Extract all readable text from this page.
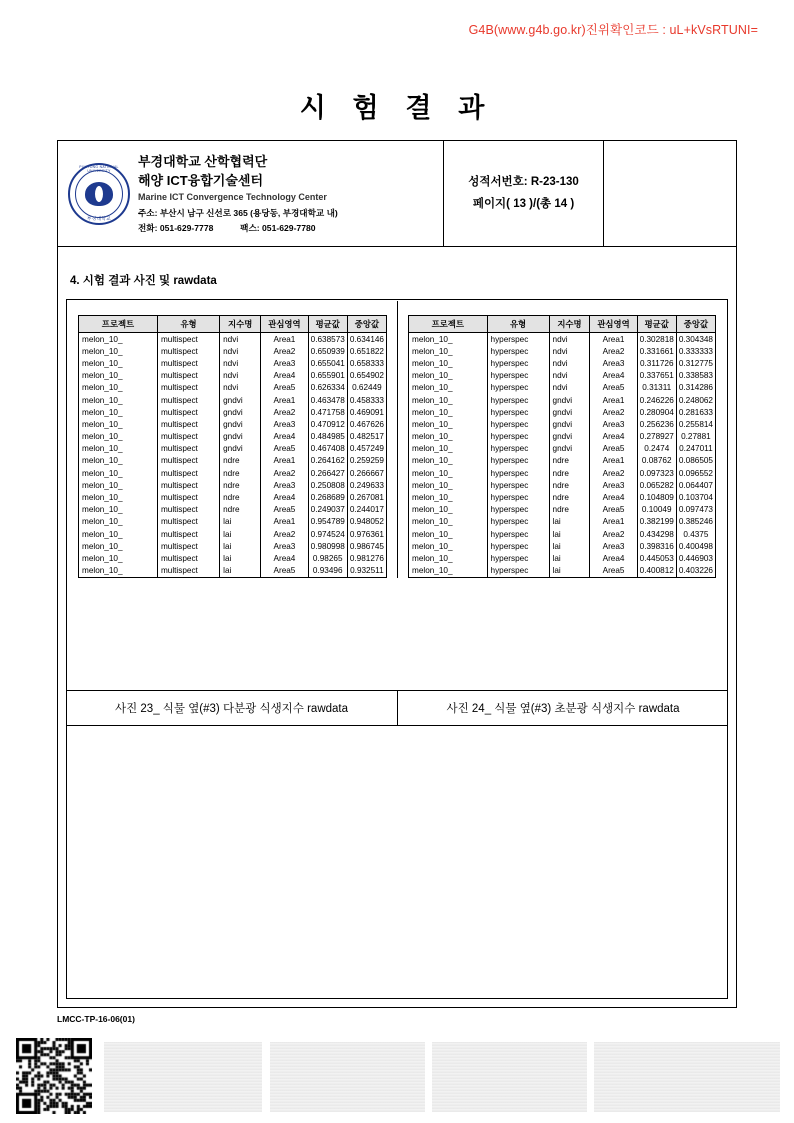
G4B(www.g4b.go.kr)진위확인코드 : uL+kVsRTUNI=
시 험 결 과
PUKYONG NATIONAL UNIVERSITY
부경대학교
부경대학교 산학협력단
해양 ICT융합기술센터
Marine ICT Convergence Technology Center
주소: 부산시 남구 신선로 365 (용당동, 부경대학교 내)
전화: 051-629-7778	팩스: 051-629-7780
성적서번호: R-23-130
페이지( 13 )/(총 14 )
4. 시험 결과 사진 및 rawdata
프로젝트	유형	지수명	관심영역	평균값	중앙값
melon_10_	multispect	ndvi	Area1	0.638573	0.634146
melon_10_	multispect	ndvi	Area2	0.650939	0.651822
melon_10_	multispect	ndvi	Area3	0.655041	0.658333
melon_10_	multispect	ndvi	Area4	0.655901	0.654902
melon_10_	multispect	ndvi	Area5	0.626334	0.62449
melon_10_	multispect	gndvi	Area1	0.463478	0.458333
melon_10_	multispect	gndvi	Area2	0.471758	0.469091
melon_10_	multispect	gndvi	Area3	0.470912	0.467626
melon_10_	multispect	gndvi	Area4	0.484985	0.482517
melon_10_	multispect	gndvi	Area5	0.467408	0.457249
melon_10_	multispect	ndre	Area1	0.264162	0.259259
melon_10_	multispect	ndre	Area2	0.266427	0.266667
melon_10_	multispect	ndre	Area3	0.250808	0.249633
melon_10_	multispect	ndre	Area4	0.268689	0.267081
melon_10_	multispect	ndre	Area5	0.249037	0.244017
melon_10_	multispect	lai	Area1	0.954789	0.948052
melon_10_	multispect	lai	Area2	0.974524	0.976361
melon_10_	multispect	lai	Area3	0.980998	0.986745
melon_10_	multispect	lai	Area4	0.98265	0.981276
melon_10_	multispect	lai	Area5	0.93496	0.932511
프로젝트	유형	지수명	관심영역	평균값	중앙값
melon_10_	hyperspec	ndvi	Area1	0.302818	0.304348
melon_10_	hyperspec	ndvi	Area2	0.331661	0.333333
melon_10_	hyperspec	ndvi	Area3	0.311726	0.312775
melon_10_	hyperspec	ndvi	Area4	0.337651	0.338583
melon_10_	hyperspec	ndvi	Area5	0.31311	0.314286
melon_10_	hyperspec	gndvi	Area1	0.246226	0.248062
melon_10_	hyperspec	gndvi	Area2	0.280904	0.281633
melon_10_	hyperspec	gndvi	Area3	0.256236	0.255814
melon_10_	hyperspec	gndvi	Area4	0.278927	0.27881
melon_10_	hyperspec	gndvi	Area5	0.2474	0.247011
melon_10_	hyperspec	ndre	Area1	0.08762	0.086505
melon_10_	hyperspec	ndre	Area2	0.097323	0.096552
melon_10_	hyperspec	ndre	Area3	0.065282	0.064407
melon_10_	hyperspec	ndre	Area4	0.104809	0.103704
melon_10_	hyperspec	ndre	Area5	0.10049	0.097473
melon_10_	hyperspec	lai	Area1	0.382199	0.385246
melon_10_	hyperspec	lai	Area2	0.434298	0.4375
melon_10_	hyperspec	lai	Area3	0.398316	0.400498
melon_10_	hyperspec	lai	Area4	0.445053	0.446903
melon_10_	hyperspec	lai	Area5	0.400812	0.403226
사진 23_ 식물 옆(#3) 다분광 식생지수 rawdata	사진 24_ 식물 옆(#3) 초분광 식생지수 rawdata
LMCC-TP-16-06(01)
